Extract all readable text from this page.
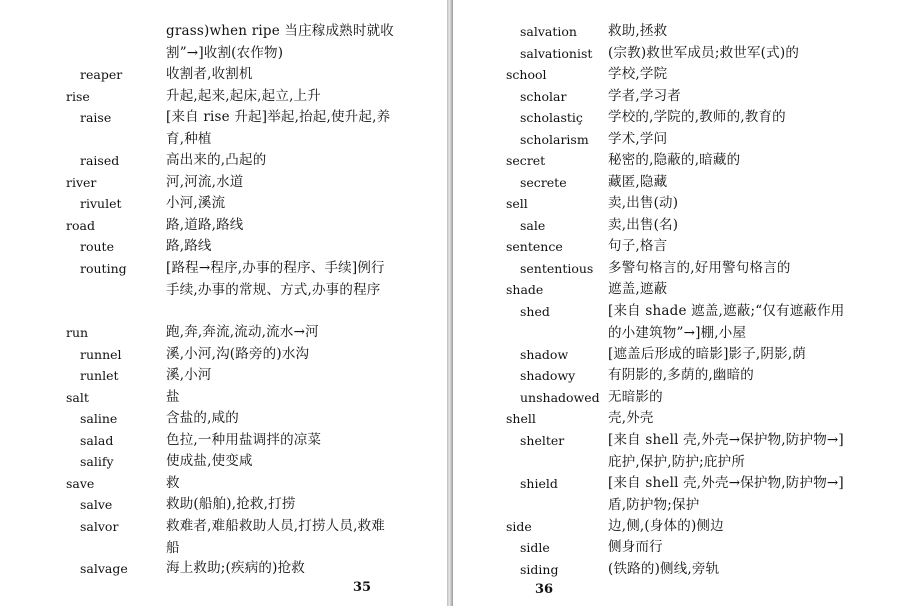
grass)when ripe 当庄稼成熟时就收割”→]收割(农作物)
reaper	收割者,收割机
rise	升起,起来,起床,起立,上升
raise	[来自 rise 升起]举起,抬起,使升起,养育,种植
raised	高出来的,凸起的
river	河,河流,水道
rivulet	小河,溪流
road	路,道路,路线
route	路,路线
routing	[路程→程序,办事的程序、手续]例行手续,办事的常规、方式,办事的程序
run	跑,奔,奔流,流动,流水→河
runnel	溪,小河,沟(路旁的)水沟
runlet	溪,小河
salt	盐
saline	含盐的,咸的
salad	色拉,一种用盐调拌的凉菜
salify	使成盐,使变咸
save	救
salve	救助(船舶),抢救,打捞
salvor	救难者,难船救助人员,打捞人员,救难船
salvage	海上救助;(疾病的)抢救
35
salvation 救助,拯救
salvationist (宗教)救世军成员;救世军(式)的
school	学校,学院
scholar	学者,学习者
scholastiç 学校的,学院的,教师的,教育的
scholarism 学术,学问
secret	秘密的,隐蔽的,暗藏的
secrete	藏匿,隐藏
sell	卖,出售(动)
sale	卖,出售(名)
sentence	句子,格言
sententious 多警句格言的,好用警句格言的
shade	遮盖,遮蔽
shed	[来自 shade 遮盖,遮蔽;“仅有遮蔽作用的小建筑物”→]棚,小屋
shadow	[遮盖后形成的暗影]影子,阴影,荫
shadowy 有阴影的,多荫的,幽暗的
unshadowed 无暗影的
shell	壳,外壳
shelter	[来自 shell 壳,外壳→保护物,防护物→]庇护,保护,防护;庇护所
shield	[来自 shell 壳,外壳→保护物,防护物→]盾,防护物;保护
side	边,侧,(身体的)侧边
sidle	侧身而行
siding	(铁路的)侧线,旁轨
36
